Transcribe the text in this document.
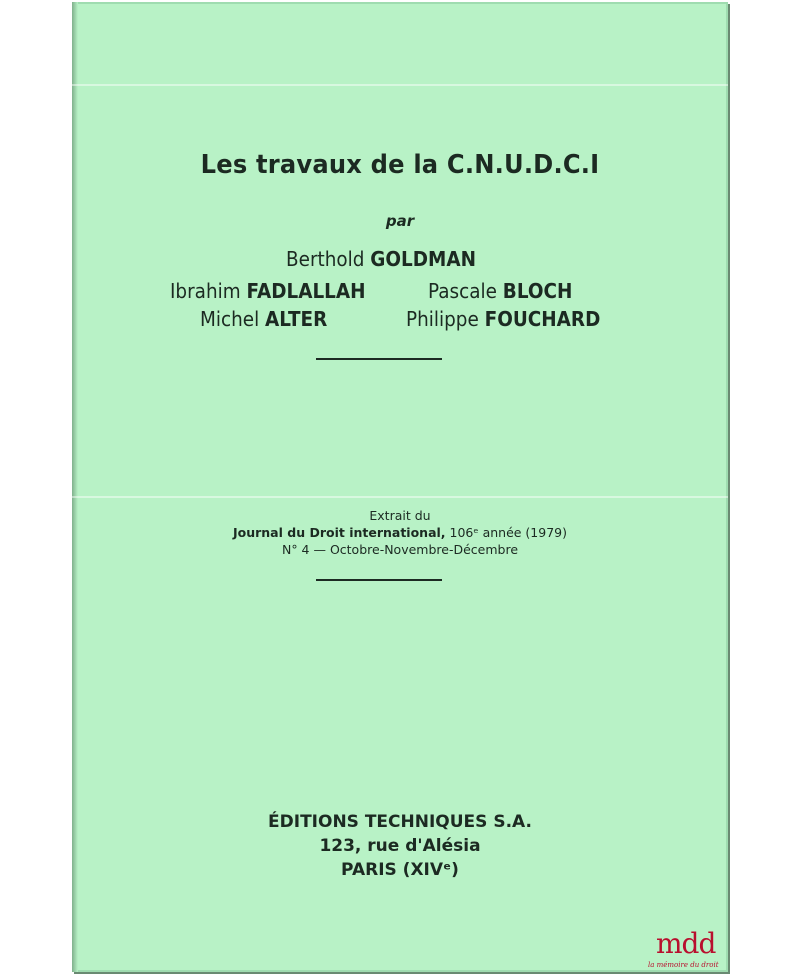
Les travaux de la C.N.U.D.C.I
par
Berthold GOLDMAN
Ibrahim FADLALLAH	Pascale BLOCH
Michel ALTER	Philippe FOUCHARD
Extrait du
Journal du Droit international, 106ᵉ année (1979)
N° 4 — Octobre-Novembre-Décembre
ÉDITIONS TECHNIQUES S.A.
123, rue d'Alésia
PARIS (XIVᵉ)
mdd
la mémoire du droit
